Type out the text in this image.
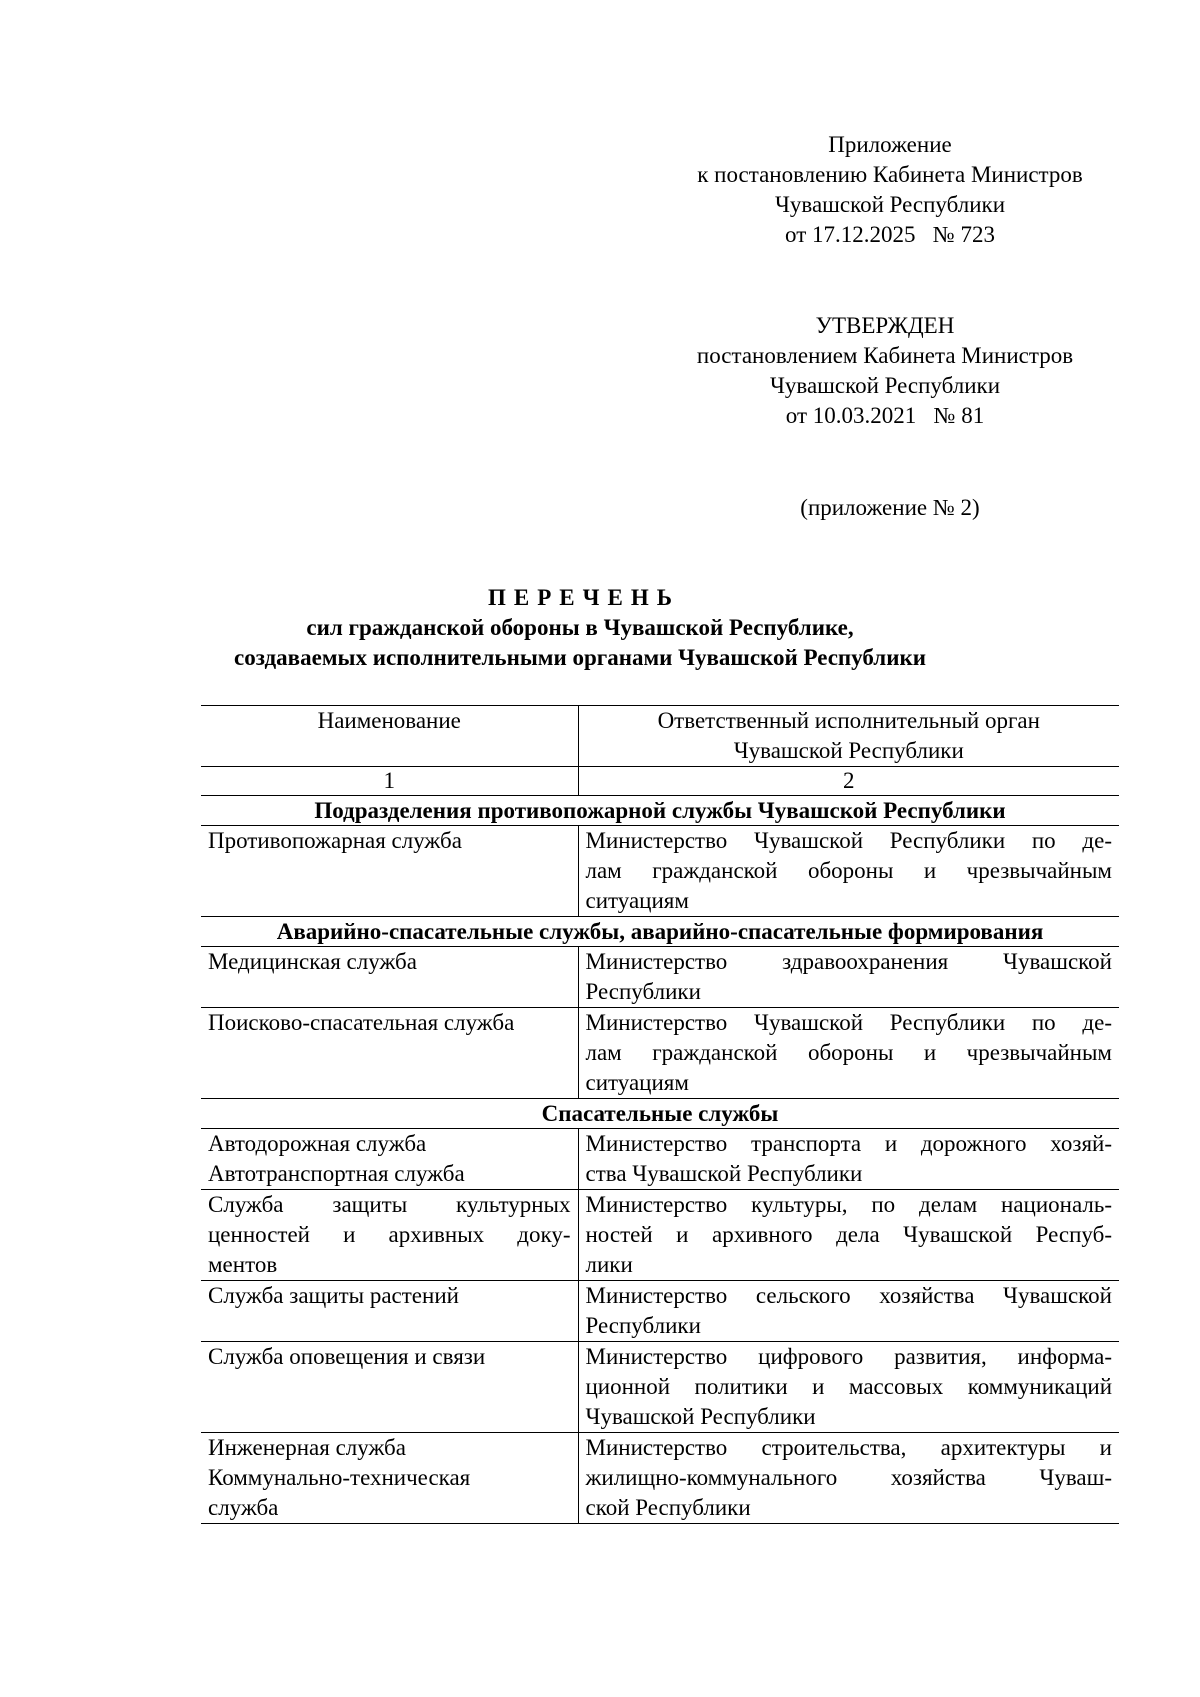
Приложение
к постановлению Кабинета Министров
Чувашской Республики
от 17.12.2025   № 723
УТВЕРЖДЕН
постановлением Кабинета Министров
Чувашской Республики
от 10.03.2021   № 81
(приложение № 2)
ПЕРЕЧЕНЬ
сил гражданской обороны в Чувашской Республике,
создаваемых исполнительными органами Чувашской Республики
Наименование	Ответственный исполнительный орган
Чувашской Республики

1	2
Подразделения противопожарной службы Чувашской Республики	

Противопожарная служба	Министерство Чувашской Республики по де-
лам гражданской обороны и чрезвычайным
ситуациям

Аварийно-спасательные службы, аварийно-спасательные формирования	

Медицинская служба	Министерство здравоохранения Чувашской
Республики

Поисково-спасательная служба	Министерство Чувашской Республики по де-
лам гражданской обороны и чрезвычайным
ситуациям

Спасательные службы	

Автодорожная служба
Автотранспортная служба	Министерство транспорта и дорожного хозяй-
ства Чувашской Республики

Служба защиты культурных
ценностей и архивных доку-
ментов	Министерство культуры, по делам националь-
ностей и архивного дела Чувашской Респуб-
лики

Служба защиты растений	Министерство сельского хозяйства Чувашской
Республики

Служба оповещения и связи	Министерство цифрового развития, информа-
ционной политики и массовых коммуникаций
Чувашской Республики

Инженерная служба
Коммунально-техническая
служба	Министерство строительства, архитектуры и
жилищно-коммунального хозяйства Чуваш-
ской Республики
